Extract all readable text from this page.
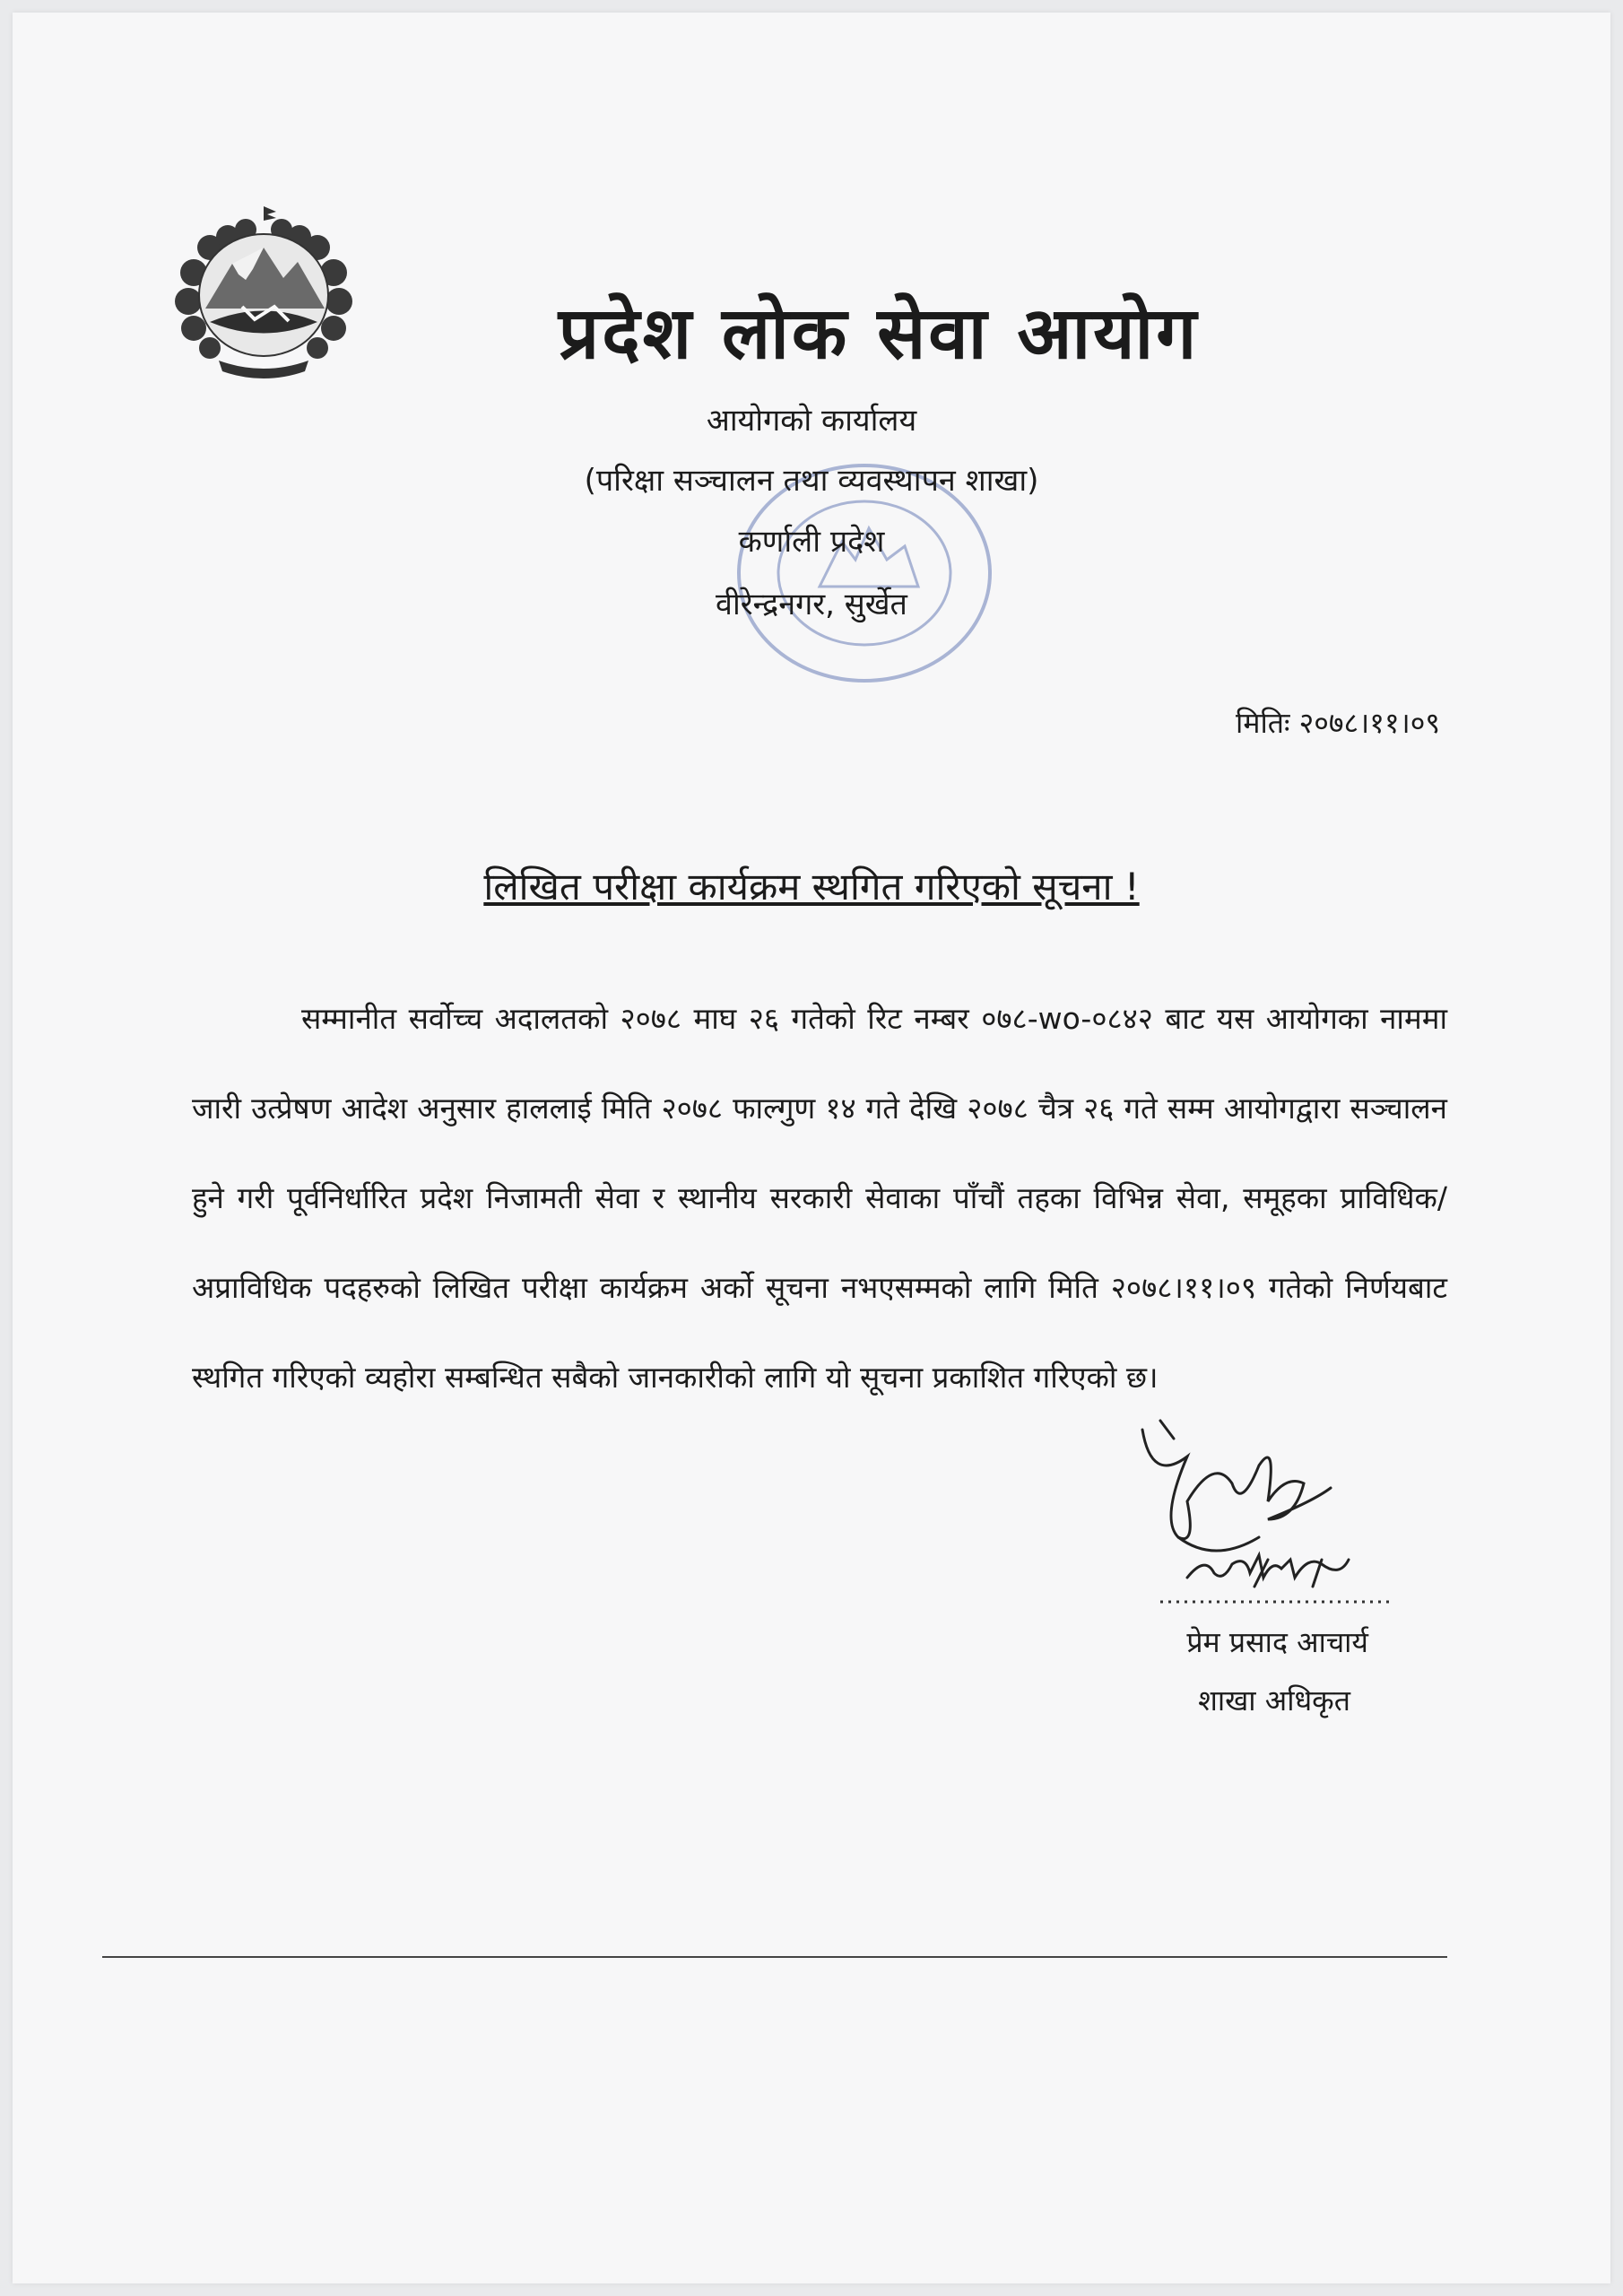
प्रदेश लोक सेवा आयोग
आयोगको कार्यालय
(परिक्षा सञ्चालन तथा व्यवस्थापन शाखा)
कर्णाली प्रदेश
वीरेन्द्रनगर, सुर्खेत
मितिः २०७८।११।०९
लिखित परीक्षा कार्यक्रम स्थगित गरिएको सूचना !
सम्मानीत सर्वोच्च अदालतको २०७८ माघ २६ गतेको रिट नम्बर ०७८-wo-०८४२ बाट यस आयोगका नाममा जारी उत्प्रेषण आदेश अनुसार हाललाई मिति २०७८ फाल्गुण १४ गते देखि २०७८ चैत्र २६ गते सम्म आयोगद्वारा सञ्चालन हुने गरी पूर्वनिर्धारित प्रदेश निजामती सेवा र स्थानीय सरकारी सेवाका पाँचौं तहका विभिन्न सेवा, समूहका प्राविधिक/अप्राविधिक पदहरुको लिखित परीक्षा कार्यक्रम अर्को सूचना नभएसम्मको लागि मिति २०७८।११।०९ गतेको निर्णयबाट स्थगित गरिएको व्यहोरा सम्बन्धित सबैको जानकारीको लागि यो सूचना प्रकाशित गरिएको छ।
प्रेम प्रसाद आचार्य
शाखा अधिकृत
